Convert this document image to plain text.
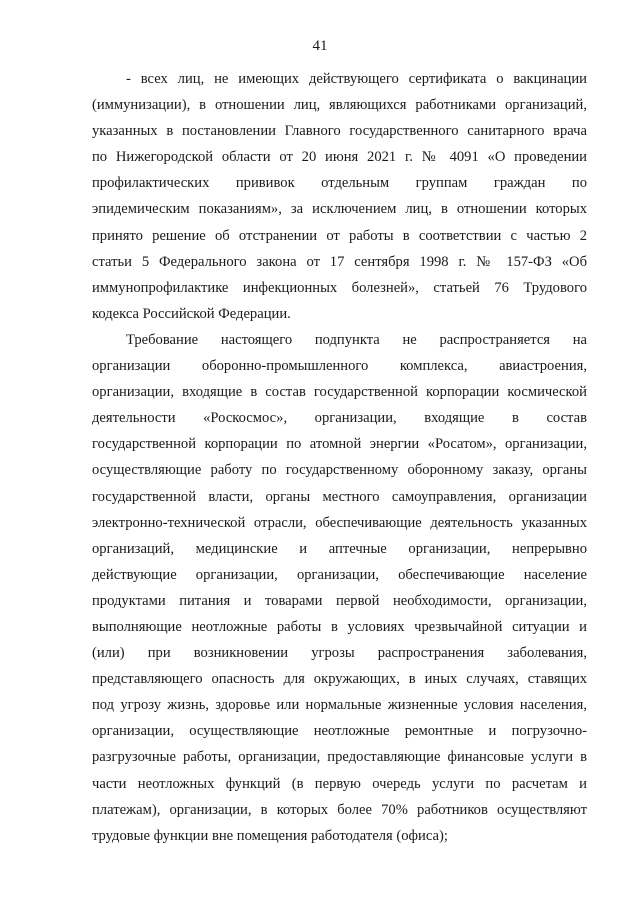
41
- всех лиц, не имеющих действующего сертификата о вакцинации
(иммунизации), в отношении лиц, являющихся работниками организаций,
указанных в постановлении Главного государственного санитарного врача
по Нижегородской области от 20 июня 2021 г. № 4091 «О проведении
профилактических прививок отдельным группам граждан по
эпидемическим показаниям», за исключением лиц, в отношении которых
принято решение об отстранении от работы в соответствии с частью 2
статьи 5 Федерального закона от 17 сентября 1998 г. № 157-ФЗ «Об
иммунопрофилактике инфекционных болезней», статьей 76 Трудового
кодекса Российской Федерации.
Требование настоящего подпункта не распространяется на
организации оборонно-промышленного комплекса, авиастроения,
организации, входящие в состав государственной корпорации космической
деятельности «Роскосмос», организации, входящие в состав
государственной корпорации по атомной энергии «Росатом», организации,
осуществляющие работу по государственному оборонному заказу, органы
государственной власти, органы местного самоуправления, организации
электронно-технической отрасли, обеспечивающие деятельность указанных
организаций, медицинские и аптечные организации, непрерывно
действующие организации, организации, обеспечивающие население
продуктами питания и товарами первой необходимости, организации,
выполняющие неотложные работы в условиях чрезвычайной ситуации и
(или) при возникновении угрозы распространения заболевания,
представляющего опасность для окружающих, в иных случаях, ставящих
под угрозу жизнь, здоровье или нормальные жизненные условия населения,
организации, осуществляющие неотложные ремонтные и погрузочно-
разгрузочные работы, организации, предоставляющие финансовые услуги в
части неотложных функций (в первую очередь услуги по расчетам и
платежам), организации, в которых более 70% работников осуществляют
трудовые функции вне помещения работодателя (офиса);
